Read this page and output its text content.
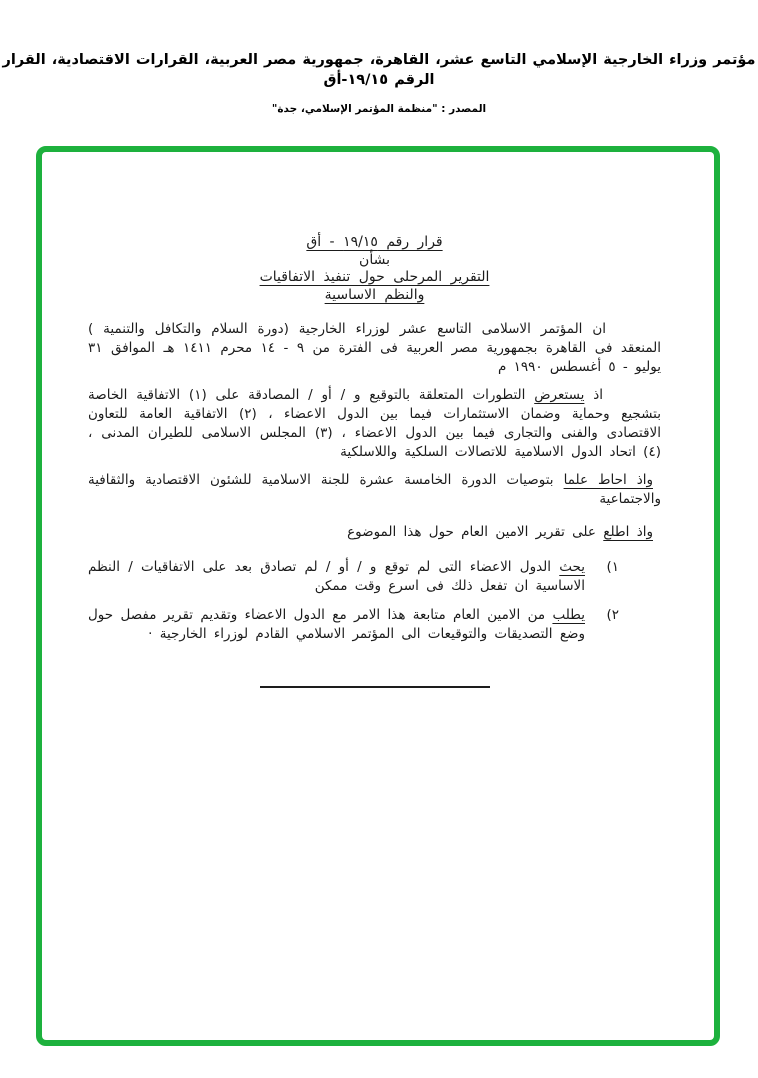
مؤتمر وزراء الخارجية الإسلامي التاسع عشر، القاهرة، جمهورية مصر العربية، القرارات الاقتصادية، القرار الرقم ١٩/١٥-أق
المصدر : "منظمة المؤتمر الإسلامي، جدة"
قرار رقم ١٩/١٥ - أق
بشأن
التقرير المرحلى حول تنفيذ الاتفاقيات
والنظم الاساسية

ان المؤتمر الاسلامى التاسع عشر لوزراء الخارجية (دورة السلام والتكافل والتنمية ) المنعقد فى القاهرة بجمهورية مصر العربية فى الفترة من ٩ - ١٤ محرم ١٤١١ هـ الموافق ٣١ يوليو - ٥ أغسطس ١٩٩٠ م

اذ يستعرض التطورات المتعلقة بالتوقيع و / أو / المصادقة على (١) الاتفاقية الخاصة بتشجيع وحماية وضمان الاستثمارات فيما بين الدول الاعضاء ، (٢) الاتفاقية العامة للتعاون الاقتصادى والفنى والتجارى فيما بين الدول الاعضاء ، (٣) المجلس الاسلامى للطيران المدنى ، (٤) اتحاد الدول الاسلامية للاتصالات السلكية واللاسلكية

واذ احاط علما بتوصيات الدورة الخامسة عشرة للجنة الاسلامية للشئون الاقتصادية والثقافية والاجتماعية

واذ اطلع على تقرير الامين العام حول هذا الموضوع

١)
يحث الدول الاعضاء التى لم توقع و / أو / لم تصادق بعد على الاتفاقيات / النظم الاساسية ان تفعل ذلك فى اسرع وقت ممكن
٢)
يطلب من الامين العام متابعة هذا الامر مع الدول الاعضاء وتقديم تقرير مفصل حول وضع التصديقات والتوقيعات الى المؤتمر الاسلامي القادم لوزراء الخارجية ·
